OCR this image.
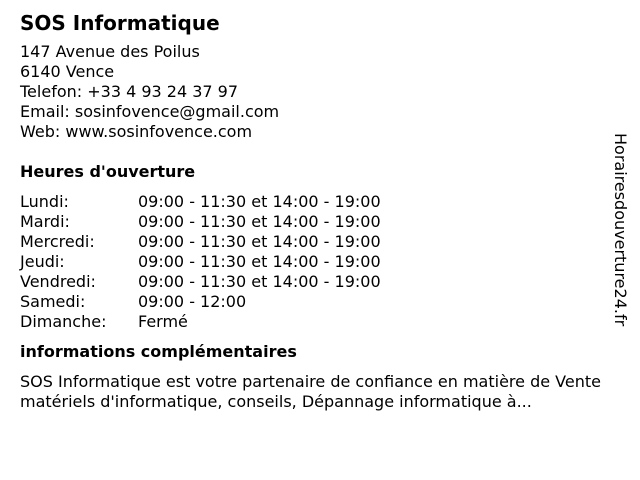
SOS Informatique
147 Avenue des Poilus
6140 Vence
Telefon: +33 4 93 24 37 97
Email: sosinfovence@gmail.com
Web: www.sosinfovence.com
Heures d'ouverture
Lundi:	09:00 - 11:30 et 14:00 - 19:00
Mardi:	09:00 - 11:30 et 14:00 - 19:00
Mercredi:	09:00 - 11:30 et 14:00 - 19:00
Jeudi:	09:00 - 11:30 et 14:00 - 19:00
Vendredi:	09:00 - 11:30 et 14:00 - 19:00
Samedi:	09:00 - 12:00
Dimanche:	Fermé
informations complémentaires
SOS Informatique est votre partenaire de confiance en matière de Vente matériels d'informatique, conseils, Dépannage informatique à...
Horairesdouverture24.fr
